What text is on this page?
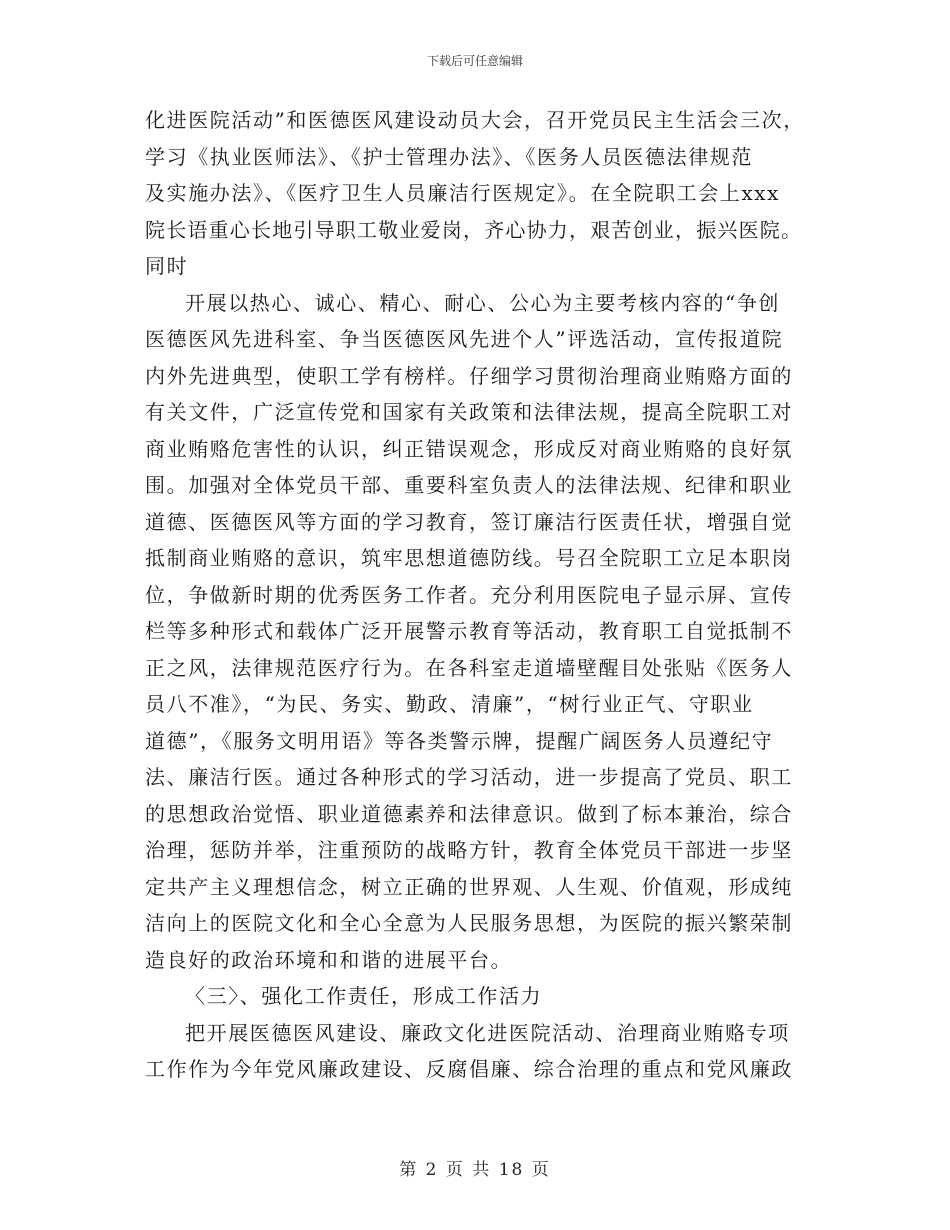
下载后可任意编辑
化进医院活动”和医德医风建设动员大会，召开党员民主生活会三次，
学习《执业医师法》、《护士管理办法》、《医务人员医德法律规范
及实施办法》、《医疗卫生人员廉洁行医规定》。在全院职工会上xxx
院长语重心长地引导职工敬业爱岗，齐心协力，艰苦创业，振兴医院。
同时
开展以热心、诚心、精心、耐心、公心为主要考核内容的“争创
医德医风先进科室、争当医德医风先进个人”评选活动，宣传报道院
内外先进典型，使职工学有榜样。仔细学习贯彻治理商业贿赂方面的
有关文件，广泛宣传党和国家有关政策和法律法规，提高全院职工对
商业贿赂危害性的认识，纠正错误观念，形成反对商业贿赂的良好氛
围。加强对全体党员干部、重要科室负责人的法律法规、纪律和职业
道德、医德医风等方面的学习教育，签订廉洁行医责任状，增强自觉
抵制商业贿赂的意识，筑牢思想道德防线。号召全院职工立足本职岗
位，争做新时期的优秀医务工作者。充分利用医院电子显示屏、宣传
栏等多种形式和载体广泛开展警示教育等活动，教育职工自觉抵制不
正之风，法律规范医疗行为。在各科室走道墙壁醒目处张贴《医务人
员八不准》，“为民、务实、勤政、清廉”，“树行业正气、守职业
道德”，《服务文明用语》等各类警示牌，提醒广阔医务人员遵纪守
法、廉洁行医。通过各种形式的学习活动，进一步提高了党员、职工
的思想政治觉悟、职业道德素养和法律意识。做到了标本兼治，综合
治理，惩防并举，注重预防的战略方针，教育全体党员干部进一步坚
定共产主义理想信念，树立正确的世界观、人生观、价值观，形成纯
洁向上的医院文化和全心全意为人民服务思想，为医院的振兴繁荣制
造良好的政治环境和和谐的进展平台。
〈三〉、强化工作责任，形成工作活力
把开展医德医风建设、廉政文化进医院活动、治理商业贿赂专项
工作作为今年党风廉政建设、反腐倡廉、综合治理的重点和党风廉政
第 2 页 共 18 页
